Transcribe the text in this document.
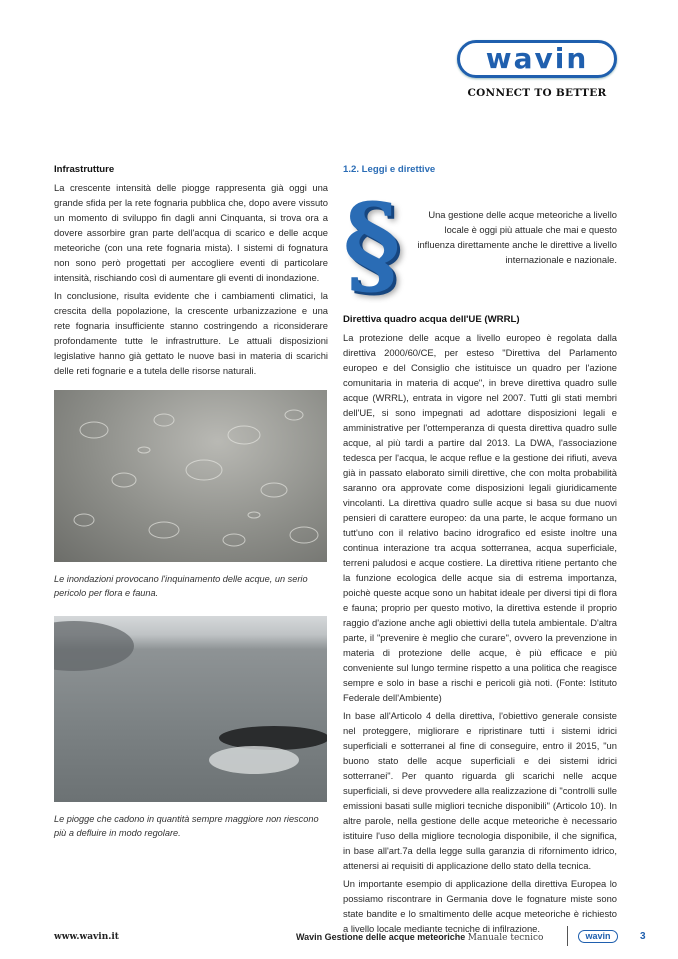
wavin
CONNECT TO BETTER
Infrastrutture

La crescente intensità delle piogge rappresenta già oggi una grande sfida per la rete fognaria pubblica che, dopo avere vissuto un momento di sviluppo fin dagli anni Cinquanta, si trova ora a dovere assorbire gran parte dell'acqua di scarico e delle acque meteoriche (con una rete fognaria mista). I sistemi di fognatura non sono però progettati per accogliere eventi di particolare intensità, rischiando così di aumentare gli eventi di inondazione.

In conclusione, risulta evidente che i cambiamenti climatici, la crescita della popolazione, la crescente urbanizzazione e una rete fognaria insufficiente stanno costringendo a riconsiderare profondamente tutte le infrastrutture. Le attuali disposizioni legislative hanno già gettato le nuove basi in materia di scarichi delle reti fognarie e a tutela delle risorse naturali.

Le inondazioni provocano l'inquinamento delle acque, un serio pericolo per flora e fauna.

Le piogge che cadono in quantità sempre maggiore non riescono più a defluire in modo regolare.

1.2. Leggi e direttive
§	Una gestione delle acque meteoriche a livello locale è oggi più attuale che mai e questo influenza direttamente anche le direttive a livello internazionale e nazionale.

Direttiva quadro acqua dell'UE (WRRL)

La protezione delle acque a livello europeo è regolata dalla direttiva 2000/60/CE, per esteso "Direttiva del Parlamento europeo e del Consiglio che istituisce un quadro per l'azione comunitaria in materia di acque", in breve direttiva quadro sulle acque (WRRL), entrata in vigore nel 2007. Tutti gli stati membri dell'UE, si sono impegnati ad adottare disposizioni legali e amministrative per l'ottemperanza di questa direttiva quadro sulle acque, al più tardi a partire dal 2013. La DWA, l'associazione tedesca per l'acqua, le acque reflue e la gestione dei rifiuti, aveva già in passato elaborato simili direttive, che con molta probabilità saranno ora approvate come disposizioni legali giuridicamente vincolanti. La direttiva quadro sulle acque si basa su due nuovi pensieri di carattere europeo: da una parte, le acque formano un tutt'uno con il relativo bacino idrografico ed esiste inoltre una continua interazione tra acqua sotterranea, acqua superficiale, terreni paludosi e acque costiere. La direttiva ritiene pertanto che la funzione ecologica delle acque sia di estrema importanza, poichè queste acque sono un habitat ideale per diversi tipi di flora e fauna; proprio per questo motivo, la direttiva estende il proprio raggio d'azione anche agli obiettivi della tutela ambientale. D'altra parte, il "prevenire è meglio che curare", ovvero la prevenzione in materia di protezione delle acque, è più efficace e più conveniente sul lungo termine rispetto a una politica che reagisce sempre e solo in base a rischi e pericoli già noti. (Fonte: Istituto Federale dell'Ambiente)

In base all'Articolo 4 della direttiva, l'obiettivo generale consiste nel proteggere, migliorare e ripristinare tutti i sistemi idrici superficiali e sotterranei al fine di conseguire, entro il 2015, "un buono stato delle acque superficiali e dei sistemi idrici sotterranei". Per quanto riguarda gli scarichi nelle acque superficiali, si deve provvedere alla realizzazione di "controlli sulle emissioni basati sulle migliori tecniche disponibili" (Articolo 10). In altre parole, nella gestione delle acque meteoriche è necessario istituire l'uso della migliore tecnologia disponibile, il che significa, in base all'art.7a della legge sulla garanzia di rifornimento idrico, attenersi ai requisiti di applicazione dello stato della tecnica.

Un importante esempio di applicazione della direttiva Europea lo possiamo riscontrare in Germania dove le fognature miste sono state bandite e lo smaltimento delle acque meteoriche è richiesto a livello locale mediante tecniche di infilrazione.

www.wavin.it	Wavin Gestione delle acque meteoriche Manuale tecnico	wavin	3
